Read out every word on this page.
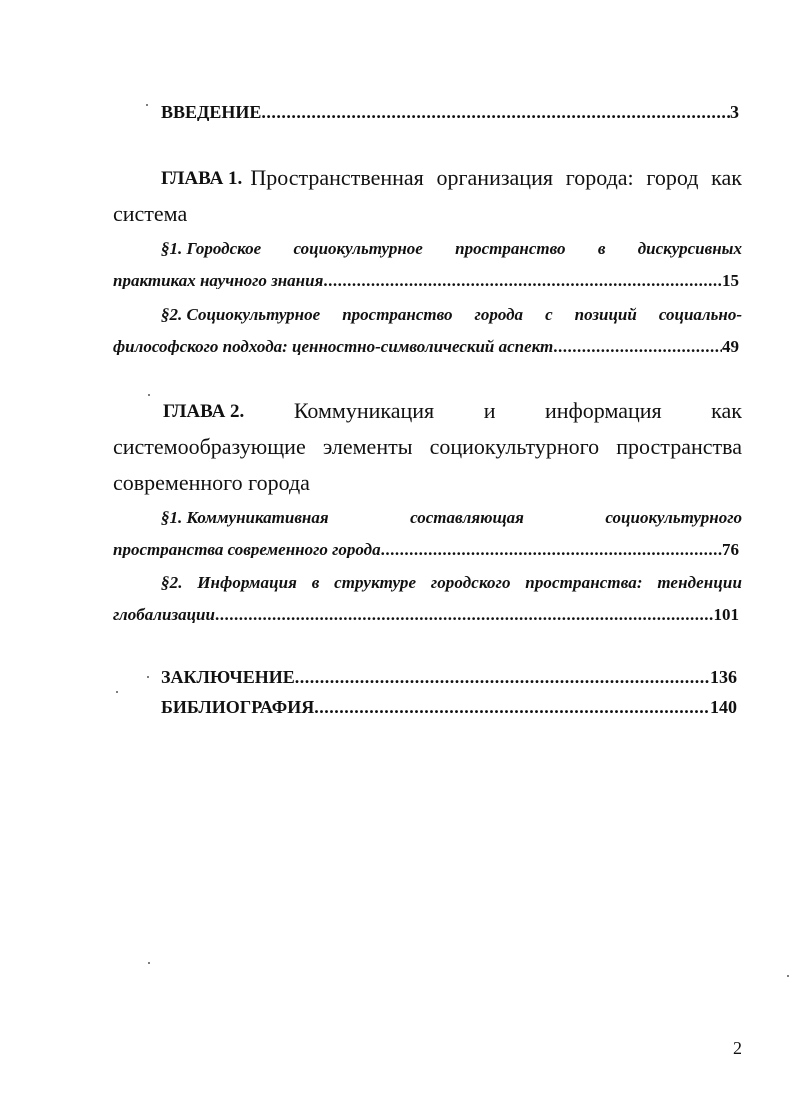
ВВЕДЕНИЕ .....	3
ГЛАВА 1. Пространственная организация города: город как
система
§1. Городское социокультурное пространство в дискурсивных
практиках научного знания .....	15
§2. Социокультурное пространство города с позиций социально-
философского подхода: ценностно-символический аспект .....	49
ГЛАВА 2. Коммуникация и информация как
системообразующие элементы социокультурного пространства
современного города
§1. Коммуникативная	составляющая	социокультурного
пространства современного города .....	76
§2. Информация в структуре городского пространства: тенденции
глобализации .....	101
ЗАКЛЮЧЕНИЕ .....	136
БИБЛИОГРАФИЯ .....	140
2
